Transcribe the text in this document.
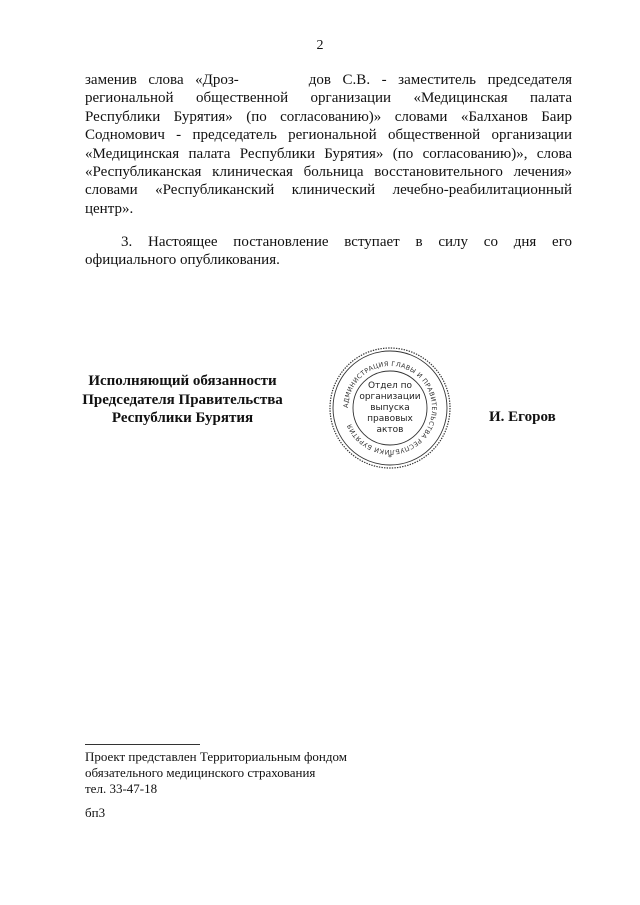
2
заменив слова «Дроз-	дов С.В. - заместитель председателя
региональной общественной организации «Медицинская палата
Республики Бурятия» (по согласованию)» словами «Балханов Баир
Соднoмович - председатель региональной общественной организации
«Медицинская палата Республики Бурятия» (по согласованию)», слова
«Республиканская клиническая больница восстановительного лечения»
словами «Республиканский клинический лечебно-реабилитационный
центр».
3. Настоящее постановление вступает в силу со дня его
официального опубликования.
Исполняющий обязанности
Председателя Правительства
Республики Бурятия
АДМИНИСТРАЦИЯ ГЛАВЫ И ПРАВИТЕЛЬСТВА РЕСПУБЛИКИ БУРЯТИЯ
*
Отдел по
организации
выпуска
правовых
актов
И. Егоров
Проект представлен Территориальным фондом
обязательного медицинского страхования
тел. 33-47-18
бп3
